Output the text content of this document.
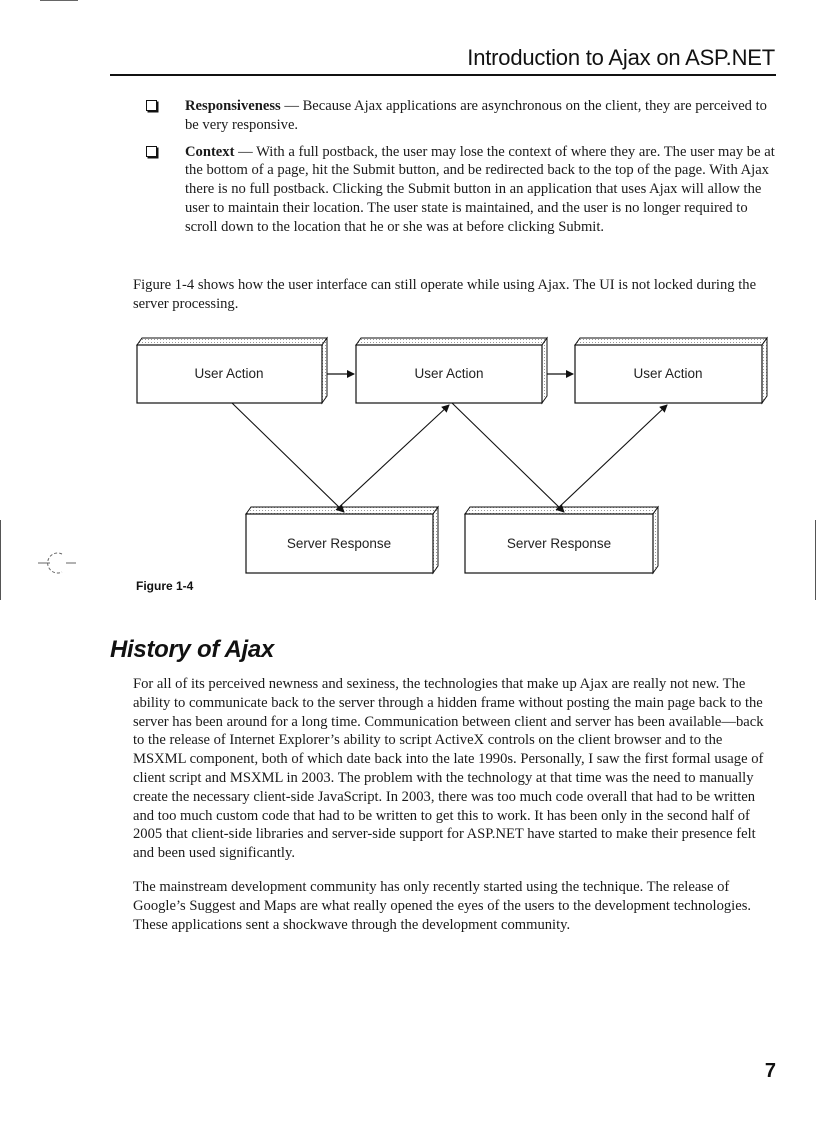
Introduction to Ajax on ASP.NET
Responsiveness — Because Ajax applications are asynchronous on the client, they are perceived to be very responsive.
Context — With a full postback, the user may lose the context of where they are. The user may be at the bottom of a page, hit the Submit button, and be redirected back to the top of the page. With Ajax there is no full postback. Clicking the Submit button in an application that uses Ajax will allow the user to maintain their location. The user state is maintained, and the user is no longer required to scroll down to the location that he or she was at before clicking Submit.
Figure 1-4 shows how the user interface can still operate while using Ajax. The UI is not locked during the server processing.
User Action	User Action	User Action
Server Response	Server Response
Figure 1-4
History of Ajax
For all of its perceived newness and sexiness, the technologies that make up Ajax are really not new. The ability to communicate back to the server through a hidden frame without posting the main page back to the server has been around for a long time. Communication between client and server has been available—back to the release of Internet Explorer’s ability to script ActiveX controls on the client browser and to the MSXML component, both of which date back into the late 1990s. Personally, I saw the first formal usage of client script and MSXML in 2003. The problem with the technology at that time was the need to manually create the necessary client-side JavaScript. In 2003, there was too much code overall that had to be written and too much custom code that had to be written to get this to work. It has been only in the second half of 2005 that client-side libraries and server-side support for ASP.NET have started to make their presence felt and been used significantly.
The mainstream development community has only recently started using the technique. The release of Google’s Suggest and Maps are what really opened the eyes of the users to the development technologies. These applications sent a shockwave through the development community.
7
